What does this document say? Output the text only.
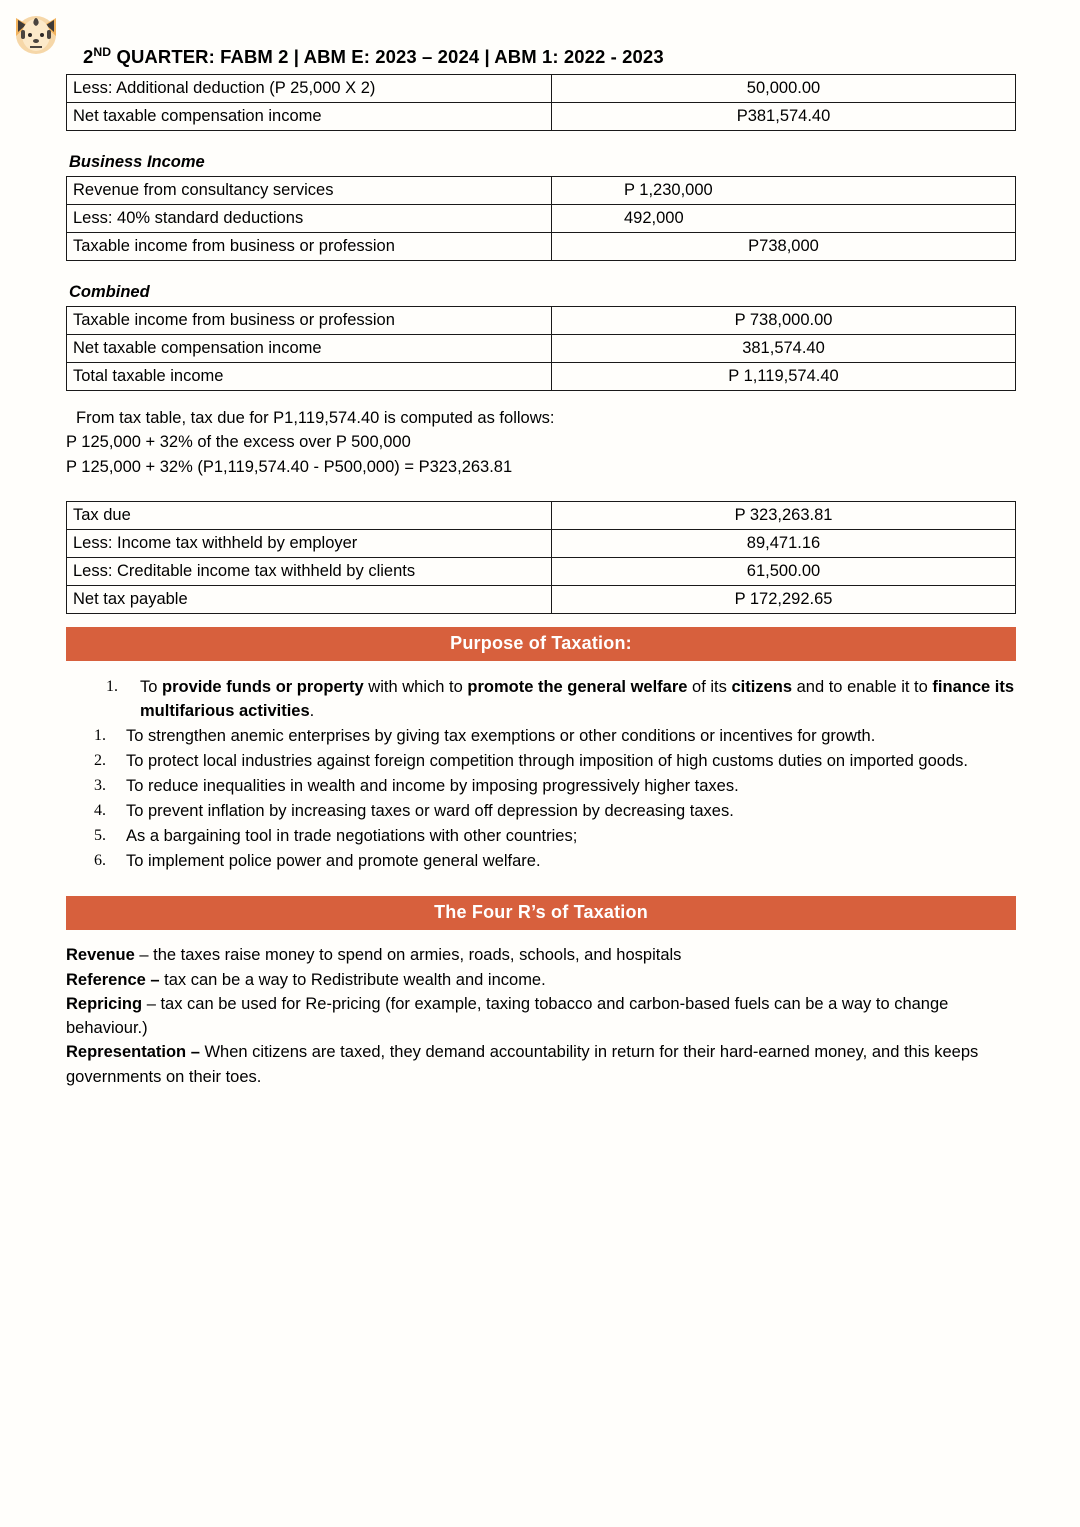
2ND QUARTER: FABM 2 | ABM E: 2023 – 2024 | ABM 1: 2022 - 2023
Less: Additional deduction (P 25,000 X 2)	50,000.00
Net taxable compensation income	P381,574.40
Business Income
Revenue from consultancy services	P 1,230,000
Less: 40% standard deductions	492,000
Taxable income from business or profession	P738,000
Combined
Taxable income from business or profession	P 738,000.00
Net taxable compensation income	381,574.40
Total taxable income	P 1,119,574.40
From tax table, tax due for P1,119,574.40 is computed as follows:
P 125,000 + 32% of the excess over P 500,000
P 125,000 + 32% (P1,119,574.40 - P500,000) = P323,263.81
Tax due	P 323,263.81
Less: Income tax withheld by employer	89,471.16
Less: Creditable income tax withheld by clients	61,500.00
Net tax payable	P 172,292.65
Purpose of Taxation:
1. To provide funds or property with which to promote the general welfare of its citizens and to enable it to finance its multifarious activities.
1. To strengthen anemic enterprises by giving tax exemptions or other conditions or incentives for growth.
2. To protect local industries against foreign competition through imposition of high customs duties on imported goods.
3. To reduce inequalities in wealth and income by imposing progressively higher taxes.
4. To prevent inflation by increasing taxes or ward off depression by decreasing taxes.
5. As a bargaining tool in trade negotiations with other countries;
6. To implement police power and promote general welfare.
The Four R’s of Taxation

Revenue – the taxes raise money to spend on armies, roads, schools, and hospitals

Reference – tax can be a way to Redistribute wealth and income.

Repricing – tax can be used for Re-pricing (for example, taxing tobacco and carbon-based fuels can be a way to change behaviour.)

Representation – When citizens are taxed, they demand accountability in return for their hard-earned money, and this keeps governments on their toes.
